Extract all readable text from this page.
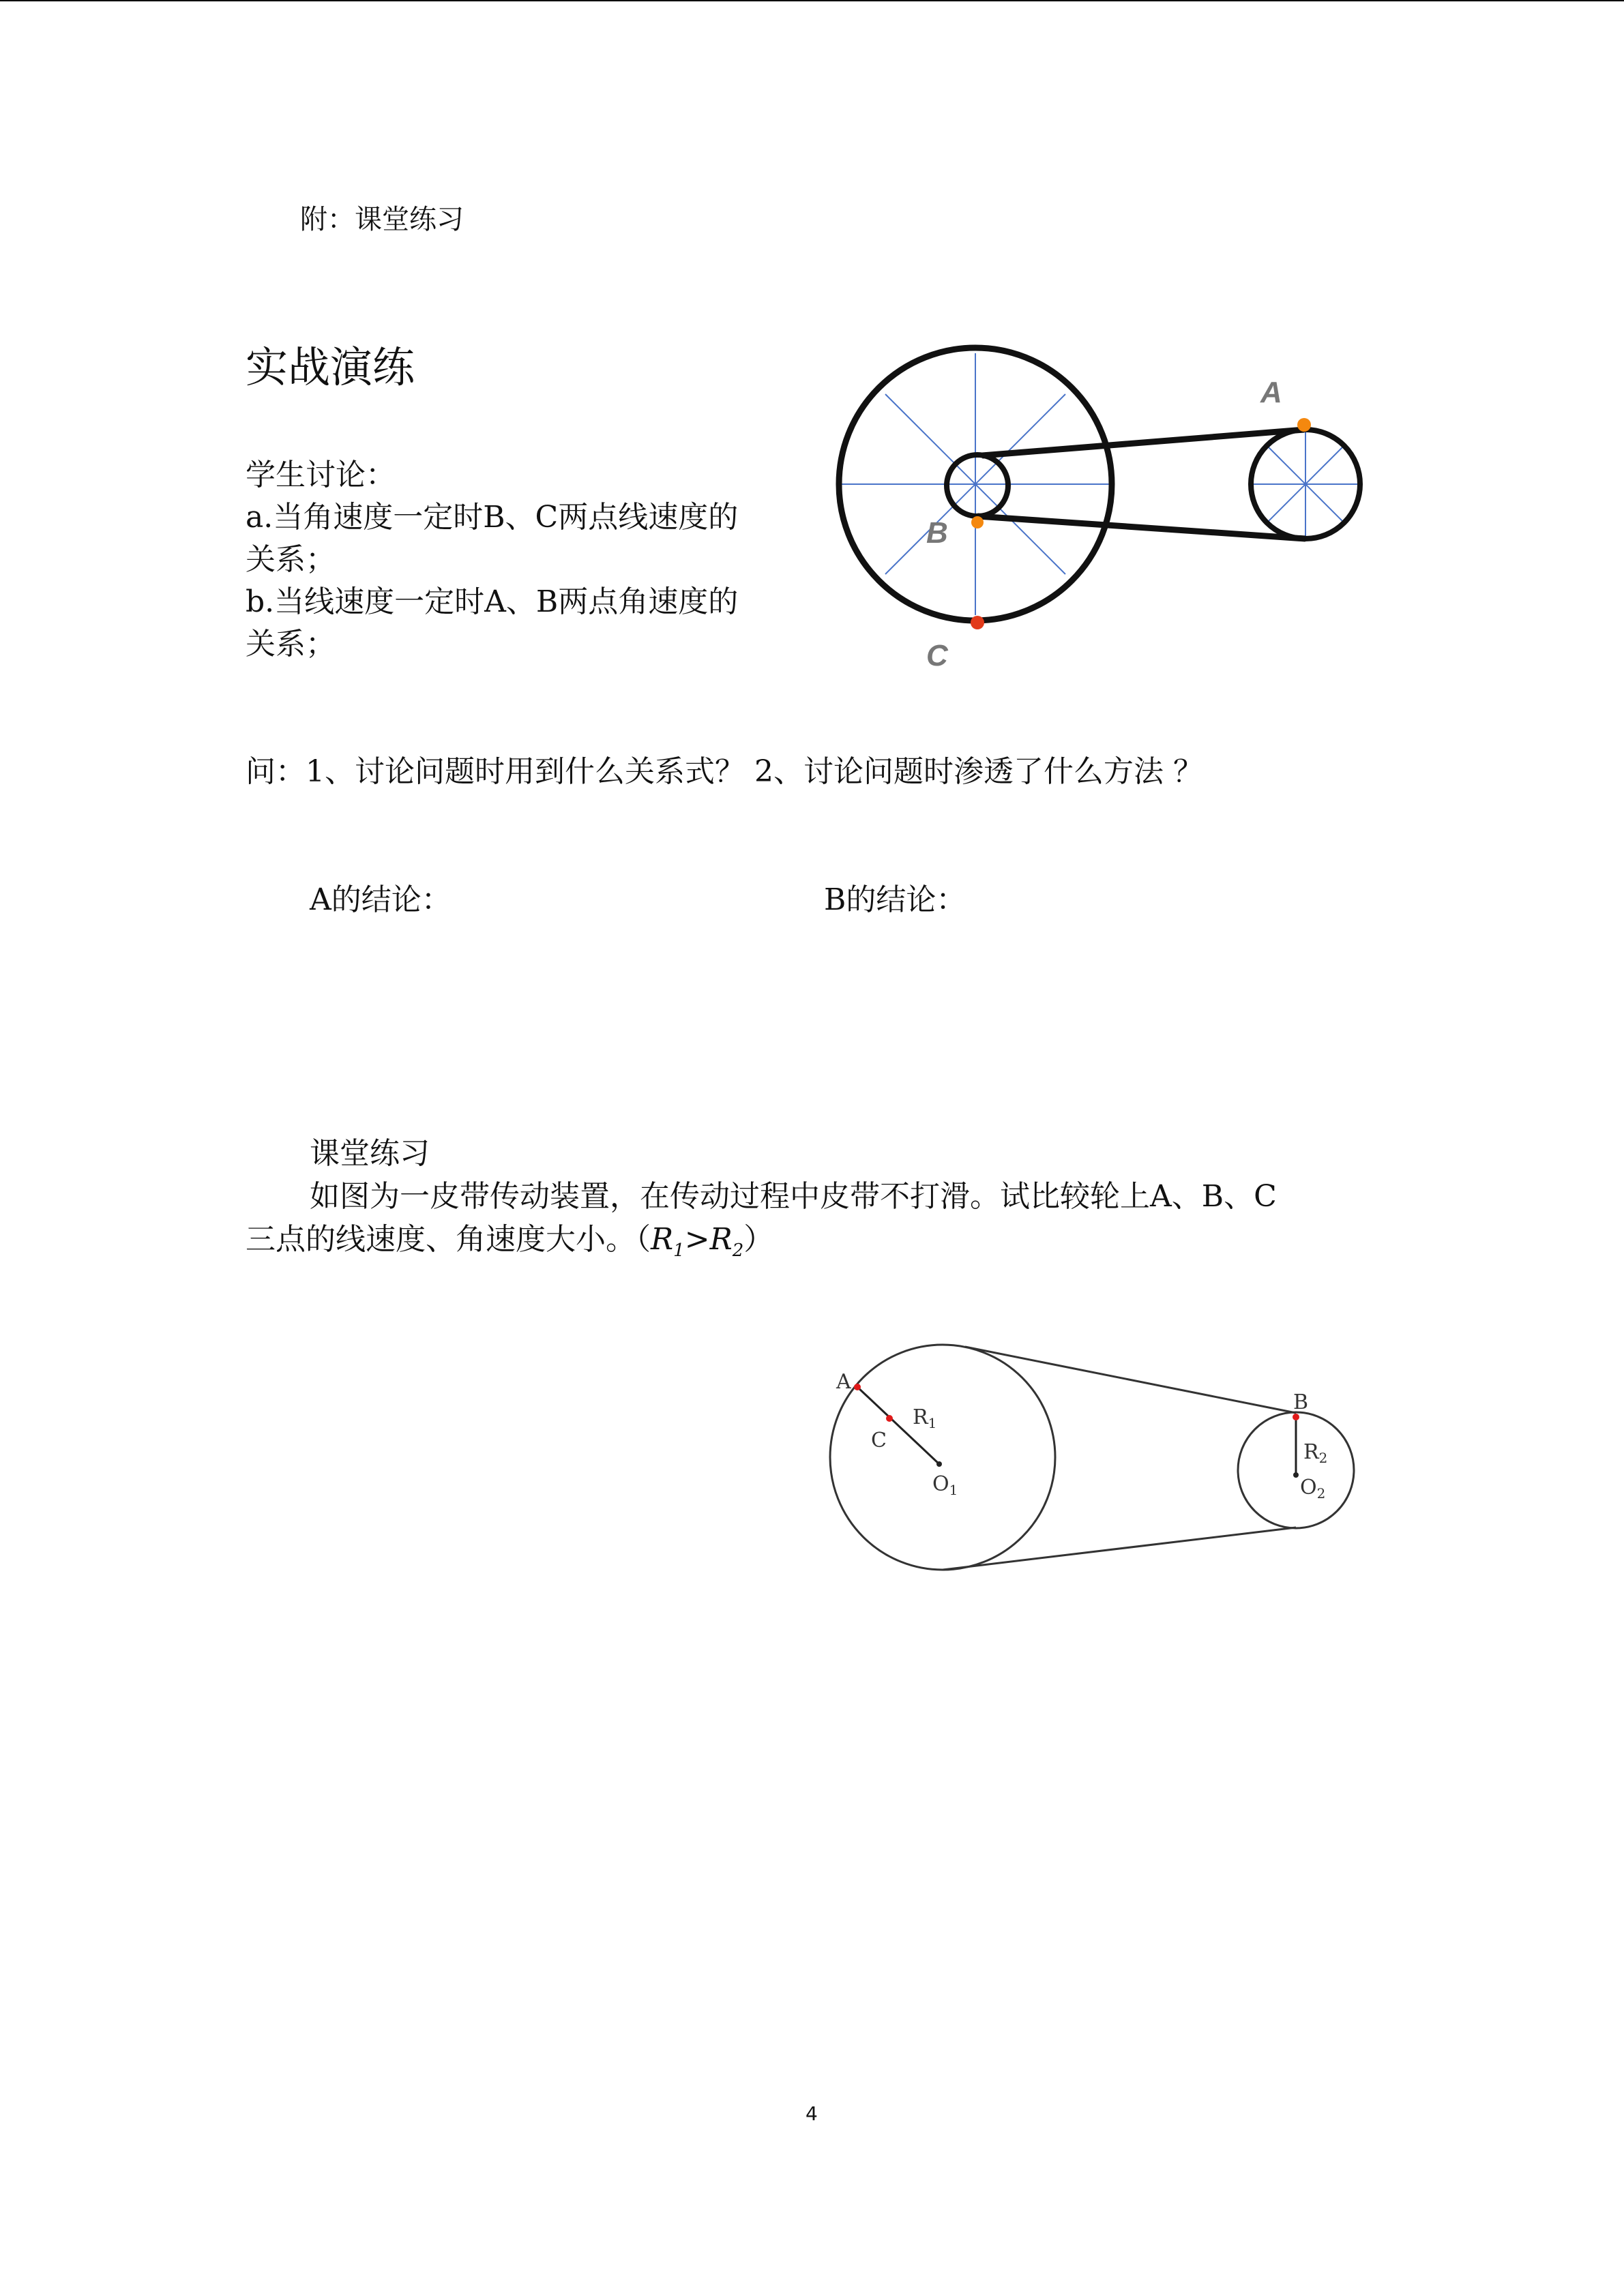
附：课堂练习
实战演练
学生讨论：
a.当角速度一定时B、C两点线速度的
关系；
b.当线速度一定时A、B两点角速度的
关系；
A
B
C
问：1、讨论问题时用到什么关系式？ 2、讨论问题时渗透了什么方法 ？
A的结论：	B的结论：
课堂练习
如图为一皮带传动装置，在传动过程中皮带不打滑。试比较轮上A、B、C
三点的线速度、角速度大小。$(R_1>R_2)$
A
C
$R_1$
$O_1$
B
$R_2$
$O_2$
4
